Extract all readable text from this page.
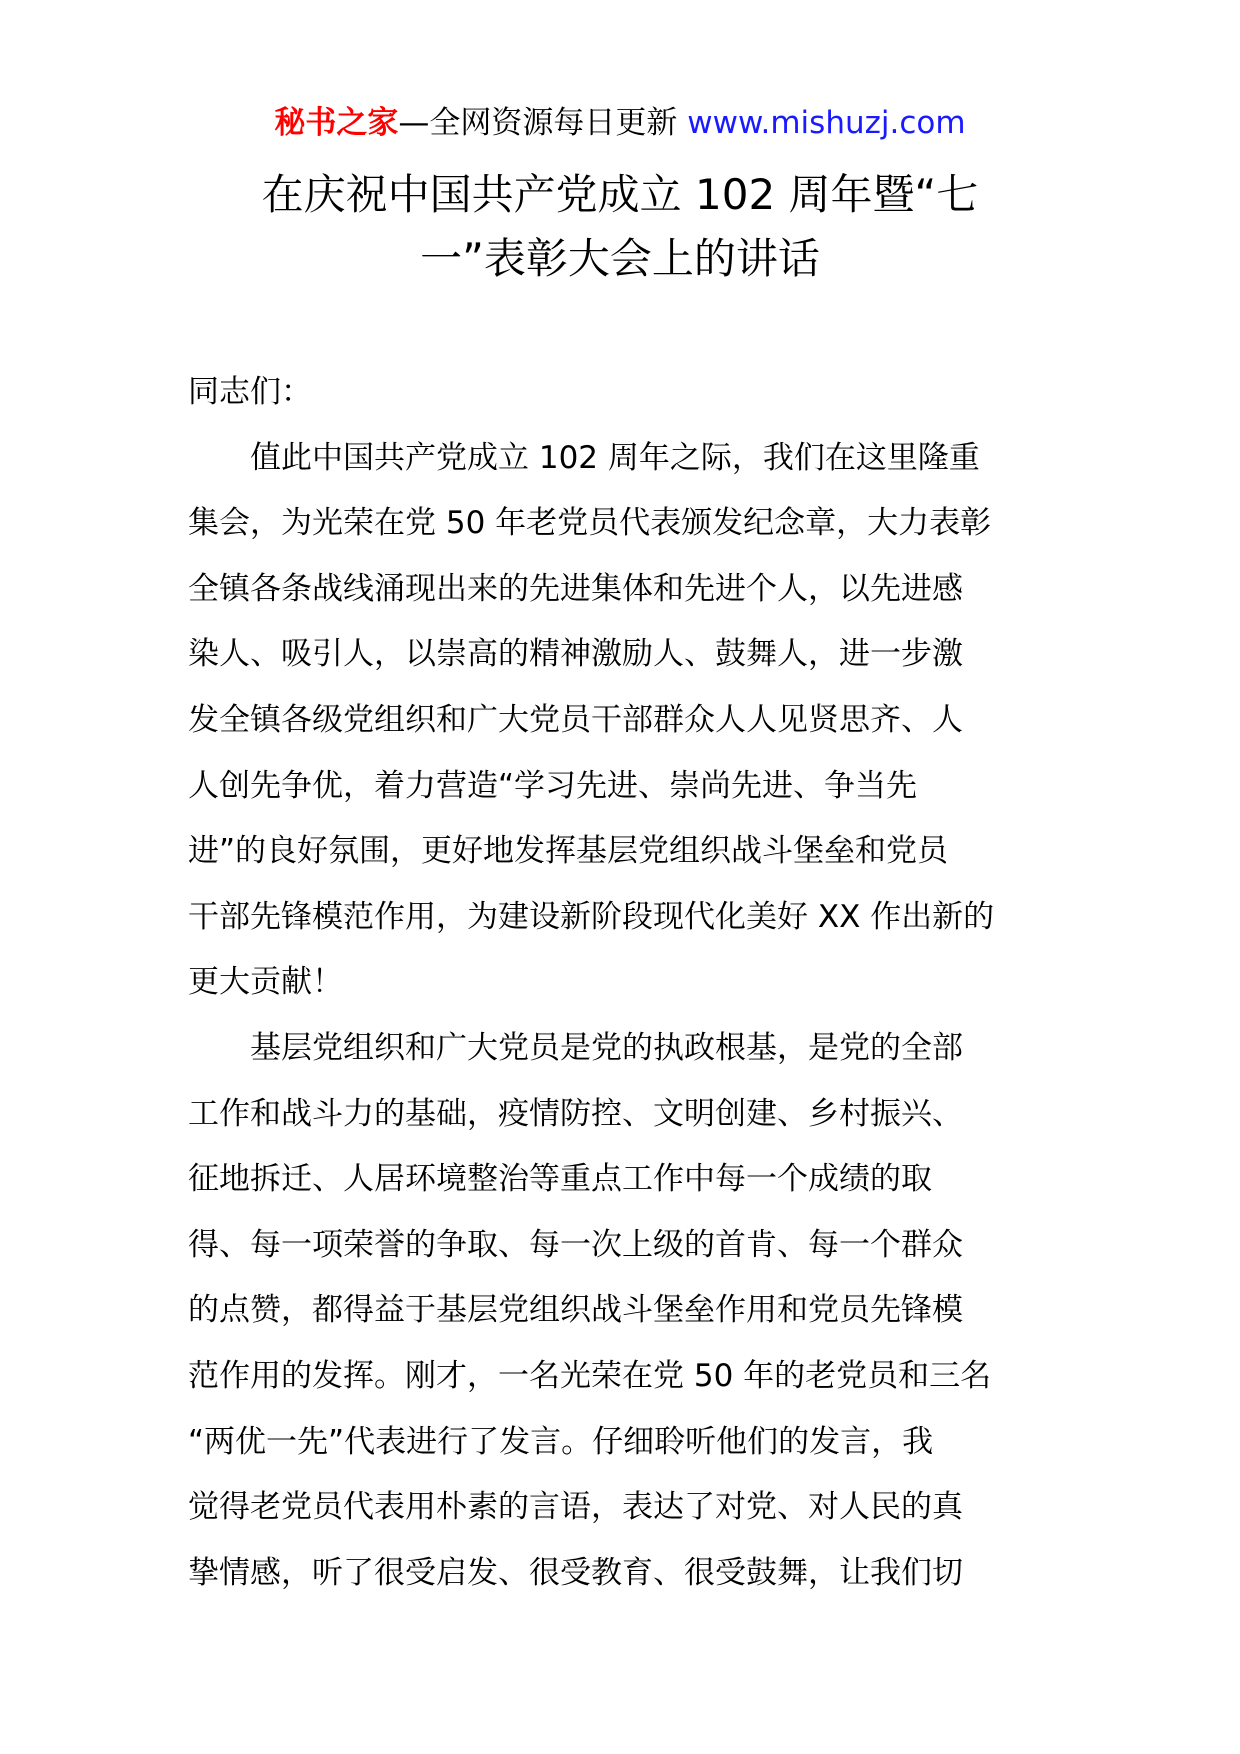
秘书之家—全网资源每日更新 www.mishuzj.com
在庆祝中国共产党成立 102 周年暨“七
一”表彰大会上的讲话
同志们：
　　值此中国共产党成立 102 周年之际，我们在这里隆重
集会，为光荣在党 50 年老党员代表颁发纪念章，大力表彰
全镇各条战线涌现出来的先进集体和先进个人，以先进感
染人、吸引人，以崇高的精神激励人、鼓舞人，进一步激
发全镇各级党组织和广大党员干部群众人人见贤思齐、人
人创先争优，着力营造“学习先进、崇尚先进、争当先
进”的良好氛围，更好地发挥基层党组织战斗堡垒和党员
干部先锋模范作用，为建设新阶段现代化美好 XX 作出新的
更大贡献！
　　基层党组织和广大党员是党的执政根基，是党的全部
工作和战斗力的基础，疫情防控、文明创建、乡村振兴、
征地拆迁、人居环境整治等重点工作中每一个成绩的取
得、每一项荣誉的争取、每一次上级的首肯、每一个群众
的点赞，都得益于基层党组织战斗堡垒作用和党员先锋模
范作用的发挥。刚才，一名光荣在党 50 年的老党员和三名
“两优一先”代表进行了发言。仔细聆听他们的发言，我
觉得老党员代表用朴素的言语，表达了对党、对人民的真
挚情感，听了很受启发、很受教育、很受鼓舞，让我们切
